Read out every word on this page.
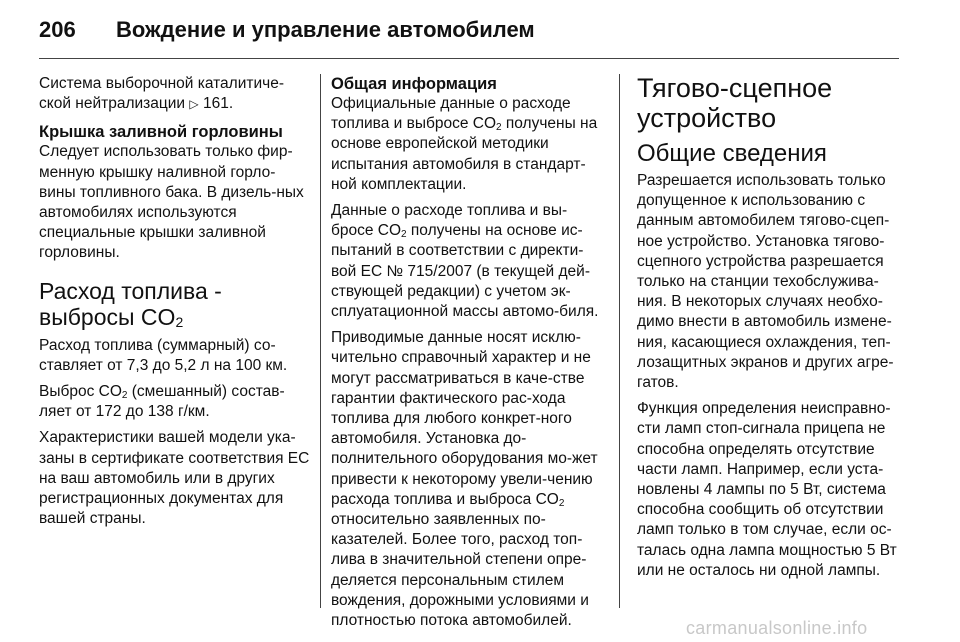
206 Вождение и управление автомобилем

Система выборочной каталитиче-ской нейтрализации ▷ 161.

Крышка заливной горловины

Следует использовать только фир-менную крышку наливной горло-вины топливного бака. В дизель-ных автомобилях используются специальные крышки заливной горловины.

Расход топлива -
выбросы $CO_2$

Расход топлива (суммарный) со-ставляет от 7,3 до 5,2 л на 100 км.

Выброс $CO_2$ (смешанный) состав-ляет от 172 до 138 г/км.

Характеристики вашей модели ука-заны в сертификате соответствия ЕС на ваш автомобиль или в других регистрационных документах для вашей страны.

Общая информация

Официальные данные о расходе топлива и выбросе $CO_2$ получены на основе европейской методики испытания автомобиля в стандарт-ной комплектации.

Данные о расходе топлива и вы-бросе $CO_2$ получены на основе ис-пытаний в соответствии с директи-вой ЕС № 715/2007 (в текущей дей-ствующей редакции) с учетом эк-сплуатационной массы автомо-биля.

Приводимые данные носят исклю-чительно справочный характер и не могут рассматриваться в каче-стве гарантии фактического рас-хода топлива для любого конкрет-ного автомобиля. Установка до-полнительного оборудования мо-жет привести к некоторому увели-чению расхода топлива и выброса $CO_2$ относительно заявленных по-казателей. Более того, расход топ-лива в значительной степени опре-деляется персональным стилем вождения, дорожными условиями и плотностью потока автомобилей.

Тягово-сцепное устройство
Общие сведения

Разрешается использовать только допущенное к использованию с данным автомобилем тягово-сцеп-ное устройство. Установка тягово-сцепного устройства разрешается только на станции техобслужива-ния. В некоторых случаях необхо-димо внести в автомобиль измене-ния, касающиеся охлаждения, теп-лозащитных экранов и других агре-гатов.

Функция определения неисправно-сти ламп стоп-сигнала прицепа не способна определять отсутствие части ламп. Например, если уста-новлены 4 лампы по 5 Вт, система способна сообщить об отсутствии ламп только в том случае, если ос-талась одна лампа мощностью 5 Вт или не осталось ни одной лампы.

carmanualsonline.info
